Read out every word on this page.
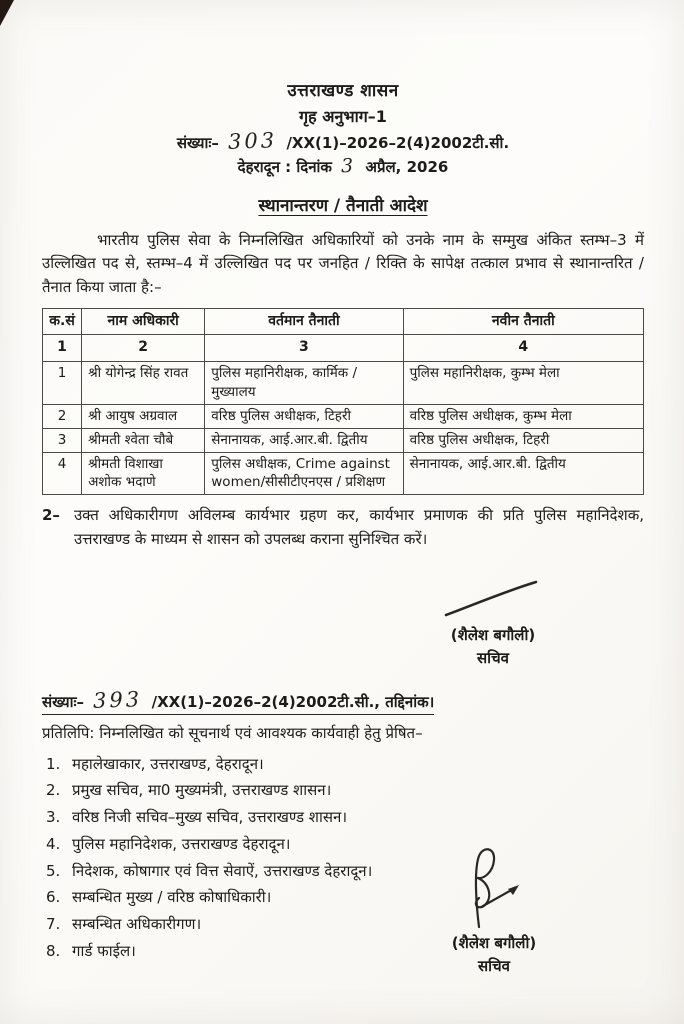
उत्तराखण्ड शासन
गृह अनुभाग–1
संख्याः– 303 /XX(1)–2026–2(4)2002टी.सी.
देहरादून : दिनांक 3 अप्रैल, 2026
स्थानान्तरण / तैनाती आदेश
भारतीय पुलिस सेवा के निम्नलिखित अधिकारियों को उनके नाम के सम्मुख अंकित स्तम्भ–3 में उल्लिखित पद से, स्तम्भ–4 में उल्लिखित पद पर जनहित / रिक्ति के सापेक्ष तत्काल प्रभाव से स्थानान्तरित / तैनात किया जाता है:–
क.सं	नाम अधिकारी	वर्तमान तैनाती	नवीन तैनाती
1	2	3	4
1	श्री योगेन्द्र सिंह रावत	पुलिस महानिरीक्षक, कार्मिक / मुख्यालय	पुलिस महानिरीक्षक, कुम्भ मेला
2	श्री आयुष अग्रवाल	वरिष्ठ पुलिस अधीक्षक, टिहरी	वरिष्ठ पुलिस अधीक्षक, कुम्भ मेला
3	श्रीमती श्वेता चौबे	सेनानायक, आई.आर.बी. द्वितीय	वरिष्ठ पुलिस अधीक्षक, टिहरी
4	श्रीमती विशाखा अशोक भदाणे	पुलिस अधीक्षक, Crime against women/सीसीटीएनएस / प्रशिक्षण	सेनानायक, आई.आर.बी. द्वितीय
2– उक्त अधिकारीगण अविलम्ब कार्यभार ग्रहण कर, कार्यभार प्रमाणक की प्रति पुलिस महानिदेशक, उत्तराखण्ड के माध्यम से शासन को उपलब्ध कराना सुनिश्चित करें।
(शैलेश बगौली)
सचिव
संख्याः– 393 /XX(1)–2026–2(4)2002टी.सी., तद्दिनांक।
प्रतिलिपि: निम्नलिखित को सूचनार्थ एवं आवश्यक कार्यवाही हेतु प्रेषित–
महालेखाकार, उत्तराखण्ड, देहरादून।
प्रमुख सचिव, मा0 मुख्यमंत्री, उत्तराखण्ड शासन।
वरिष्ठ निजी सचिव–मुख्य सचिव, उत्तराखण्ड शासन।
पुलिस महानिदेशक, उत्तराखण्ड देहरादून।
निदेशक, कोषागार एवं वित्त सेवाऐं, उत्तराखण्ड देहरादून।
सम्बन्धित मुख्य / वरिष्ठ कोषाधिकारी।
सम्बन्धित अधिकारीगण।
गार्ड फाईल।	(शैलेश बगौली)
सचिव
